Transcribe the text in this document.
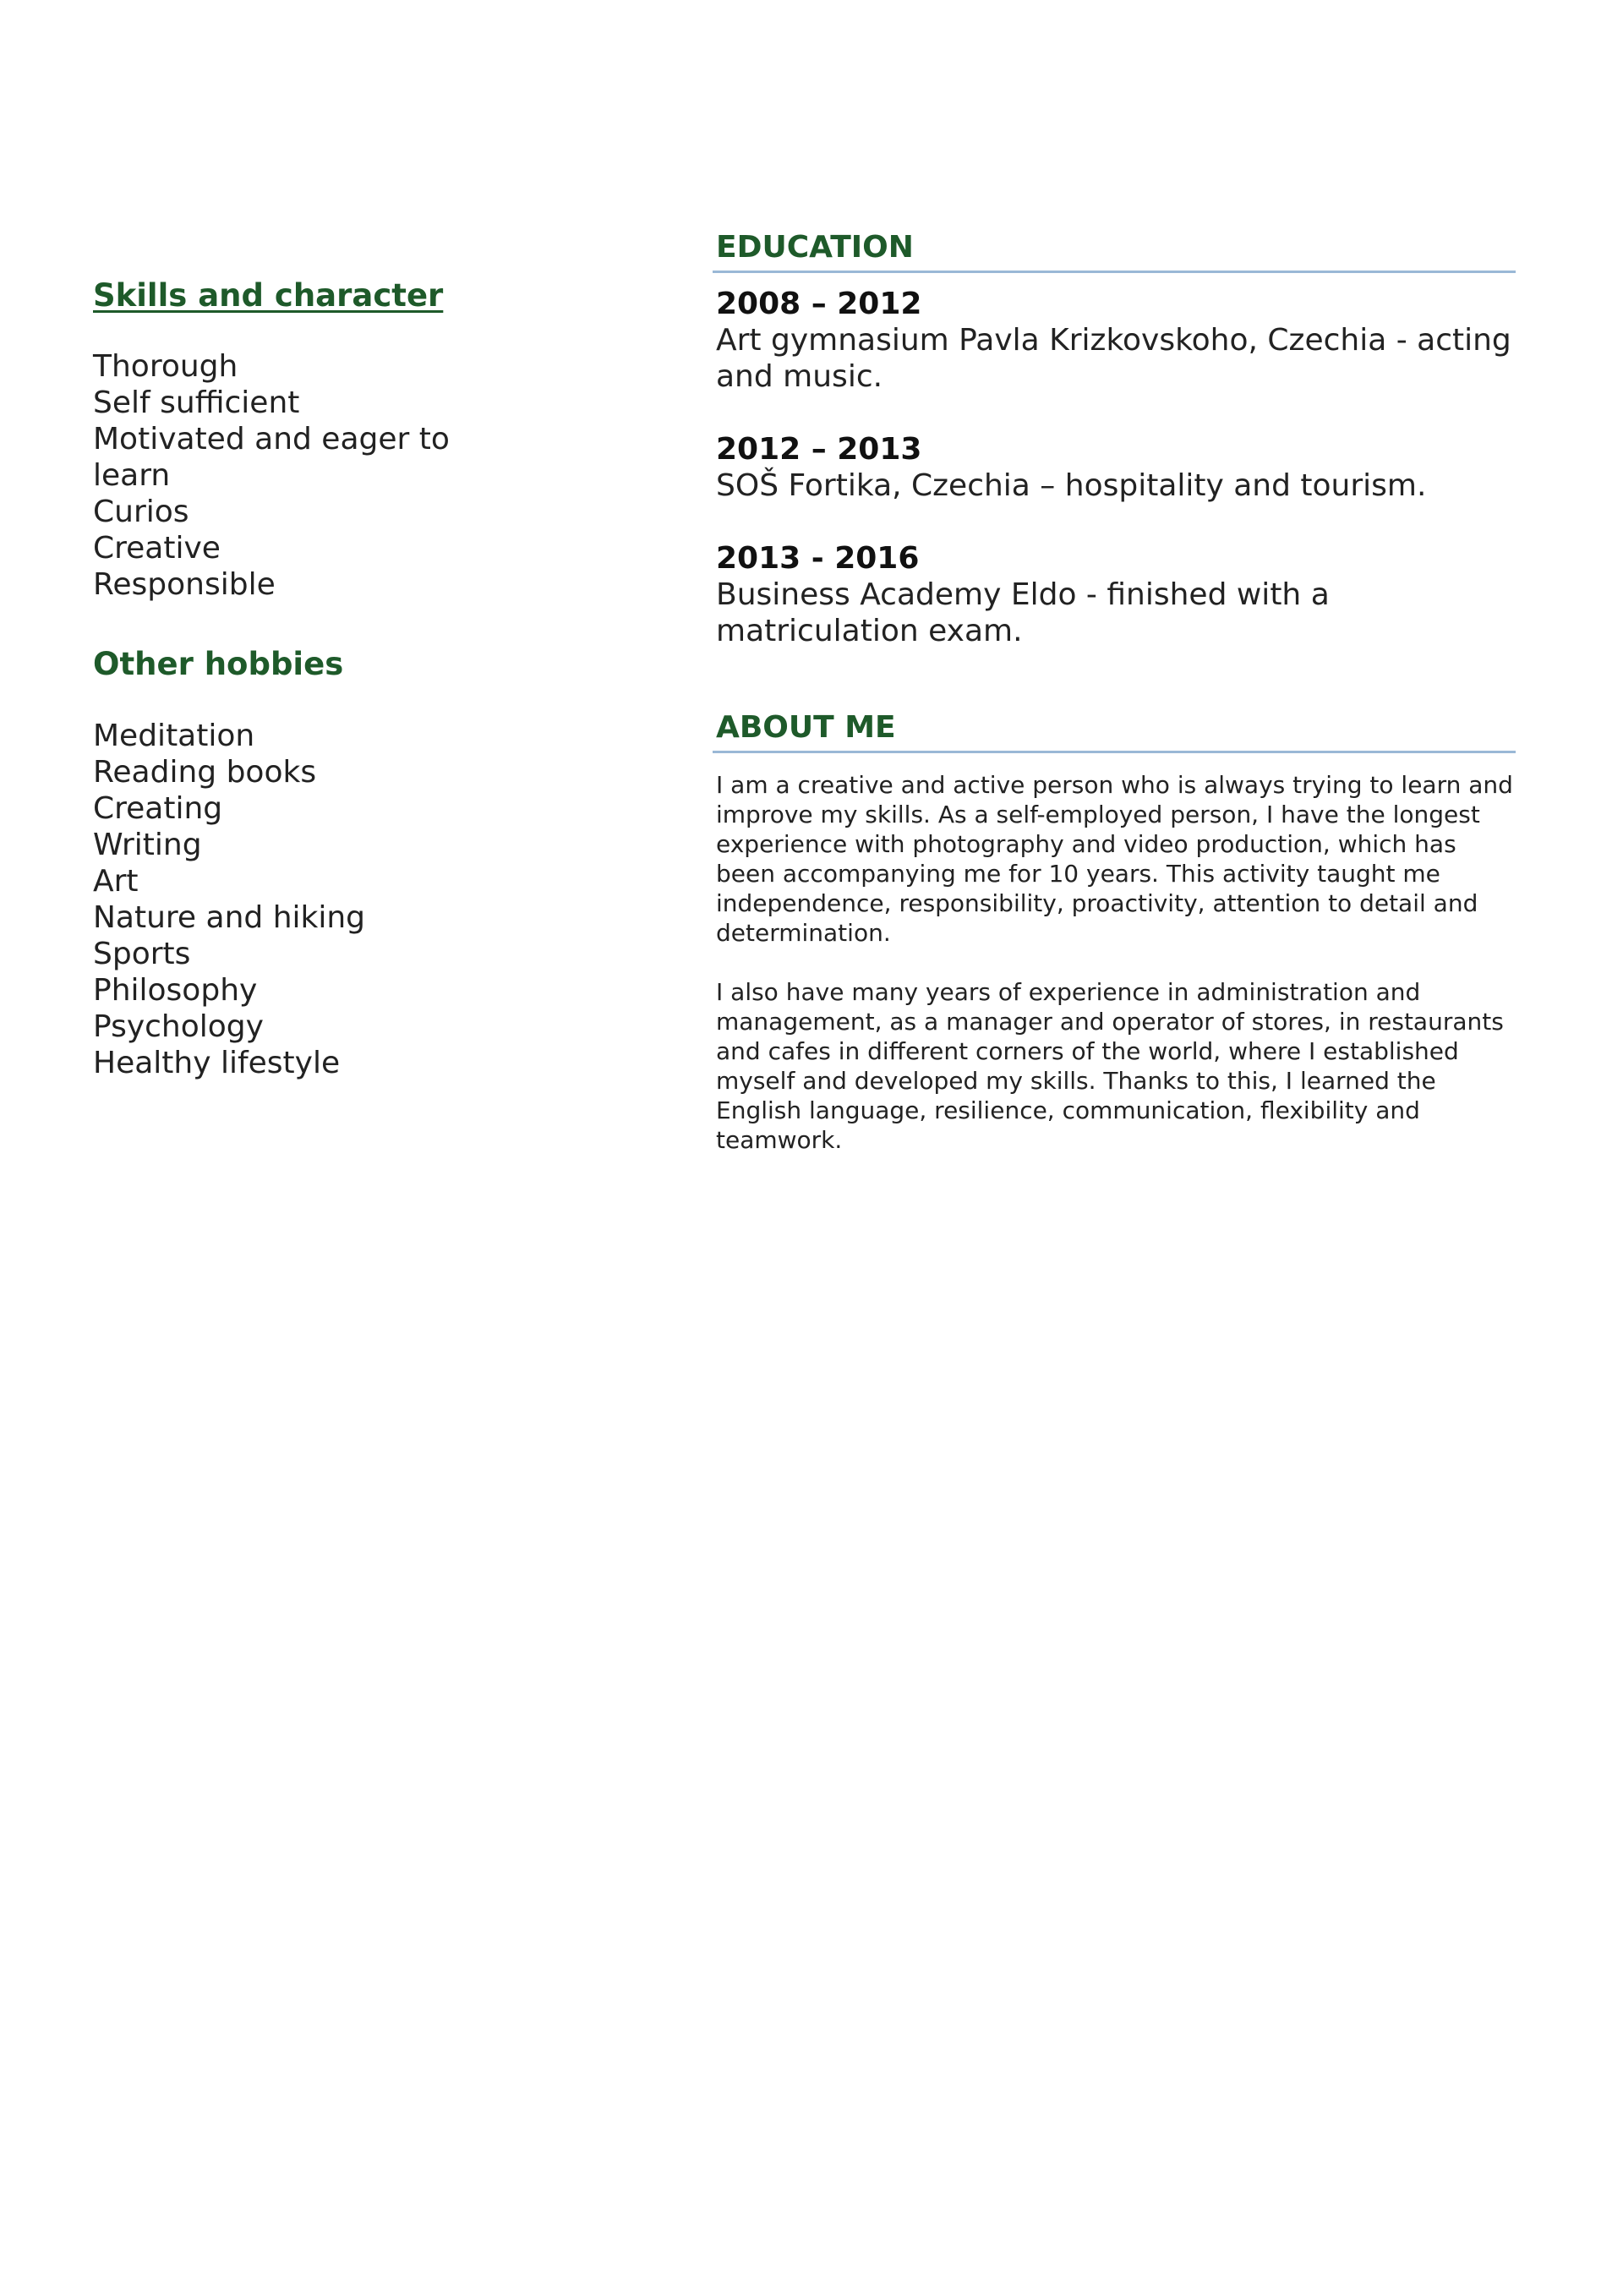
Skills and character
Thorough
Self sufficient
Motivated and eager to learn
Curios
Creative
Responsible
Other hobbies
Meditation
Reading books
Creating
Writing
Art
Nature and hiking
Sports
Philosophy
Psychology
Healthy lifestyle
EDUCATION
2008 – 2012
Art gymnasium Pavla Krizkovskoho, Czechia - acting and music.
2012 – 2013
SOŠ Fortika, Czechia – hospitality and tourism.
2013 - 2016
Business Academy Eldo - finished with a matriculation exam.
ABOUT ME

I am a creative and active person who is always trying to learn and improve my skills. As a self-employed person, I have the longest experience with photography and video production, which has been accompanying me for 10 years. This activity taught me independence, responsibility, proactivity, attention to detail and determination.

I also have many years of experience in administration and management, as a manager and operator of stores, in restaurants and cafes in different corners of the world, where I established myself and developed my skills. Thanks to this, I learned the English language, resilience, communication, flexibility and teamwork.
